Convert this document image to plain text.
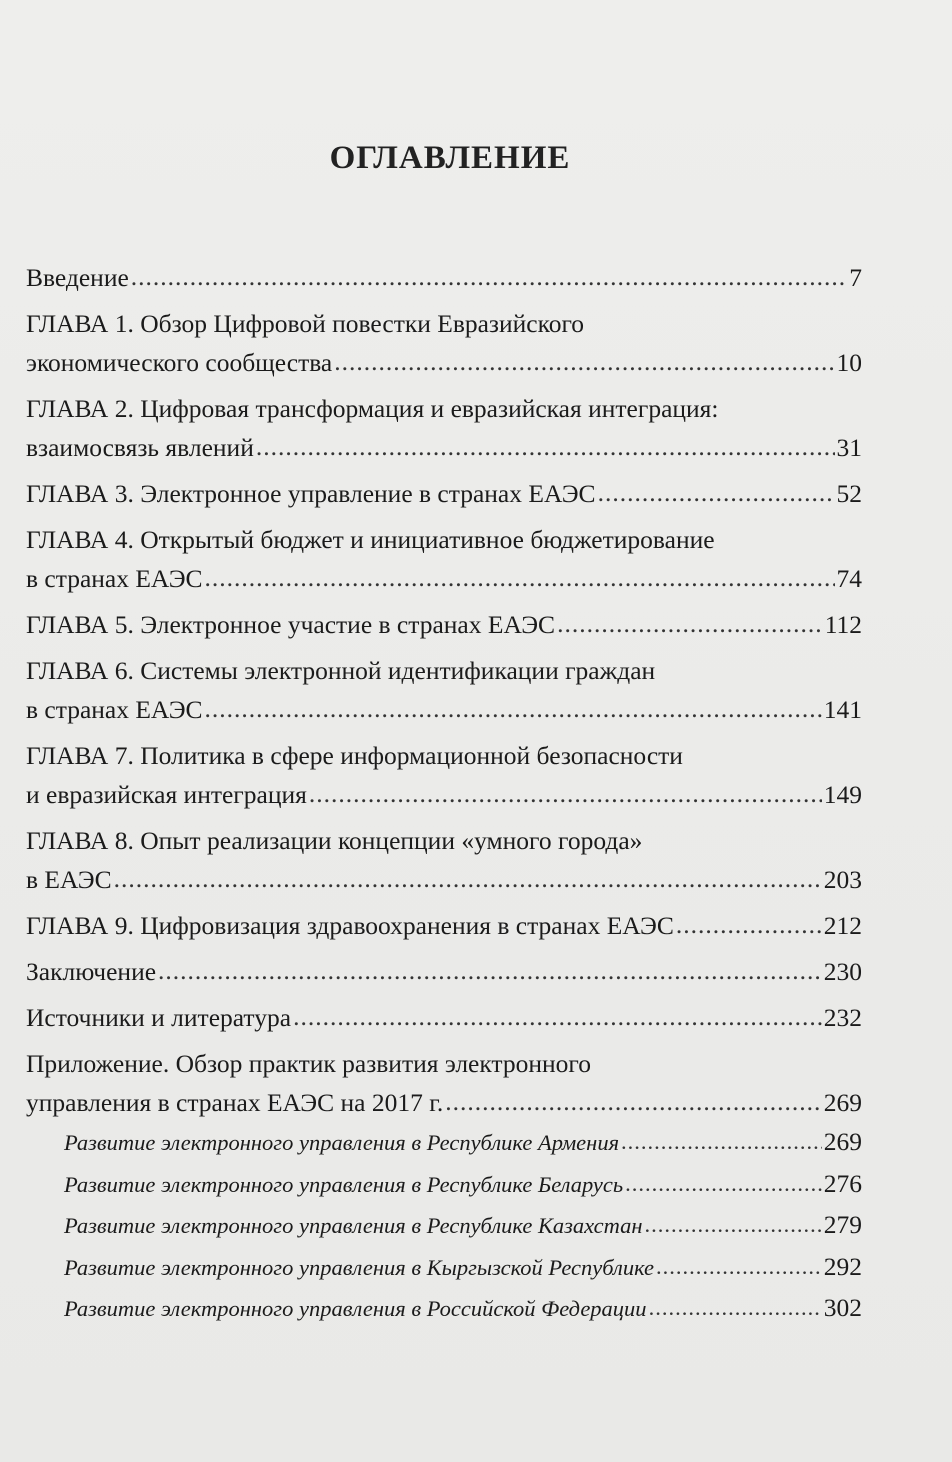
ОГЛАВЛЕНИЕ
Введение .....	7
ГЛАВА 1. Обзор Цифровой повестки Евразийского
экономического сообщества .....	10
ГЛАВА 2. Цифровая трансформация и евразийская интеграция:
взаимосвязь явлений .....	31
ГЛАВА 3. Электронное управление в странах ЕАЭС .....	52
ГЛАВА 4. Открытый бюджет и инициативное бюджетирование
в странах ЕАЭС .....	74
ГЛАВА 5. Электронное участие в странах ЕАЭС .....	112
ГЛАВА 6. Системы электронной идентификации граждан
в странах ЕАЭС .....	141
ГЛАВА 7. Политика в сфере информационной безопасности
и евразийская интеграция .....	149
ГЛАВА 8. Опыт реализации концепции «умного города»
в ЕАЭС .....	203
ГЛАВА 9. Цифровизация здравоохранения в странах ЕАЭС .....	212
Заключение .....	230
Источники и литература .....	232
Приложение. Обзор практик развития электронного
управления в странах ЕАЭС на 2017 г. .....	269
Развитие электронного управления в Республике Армения .....	269
Развитие электронного управления в Республике Беларусь .....	276
Развитие электронного управления в Республике Казахстан .....	279
Развитие электронного управления в Кыргызской Республике .....	292
Развитие электронного управления в Российской Федерации .....	302
